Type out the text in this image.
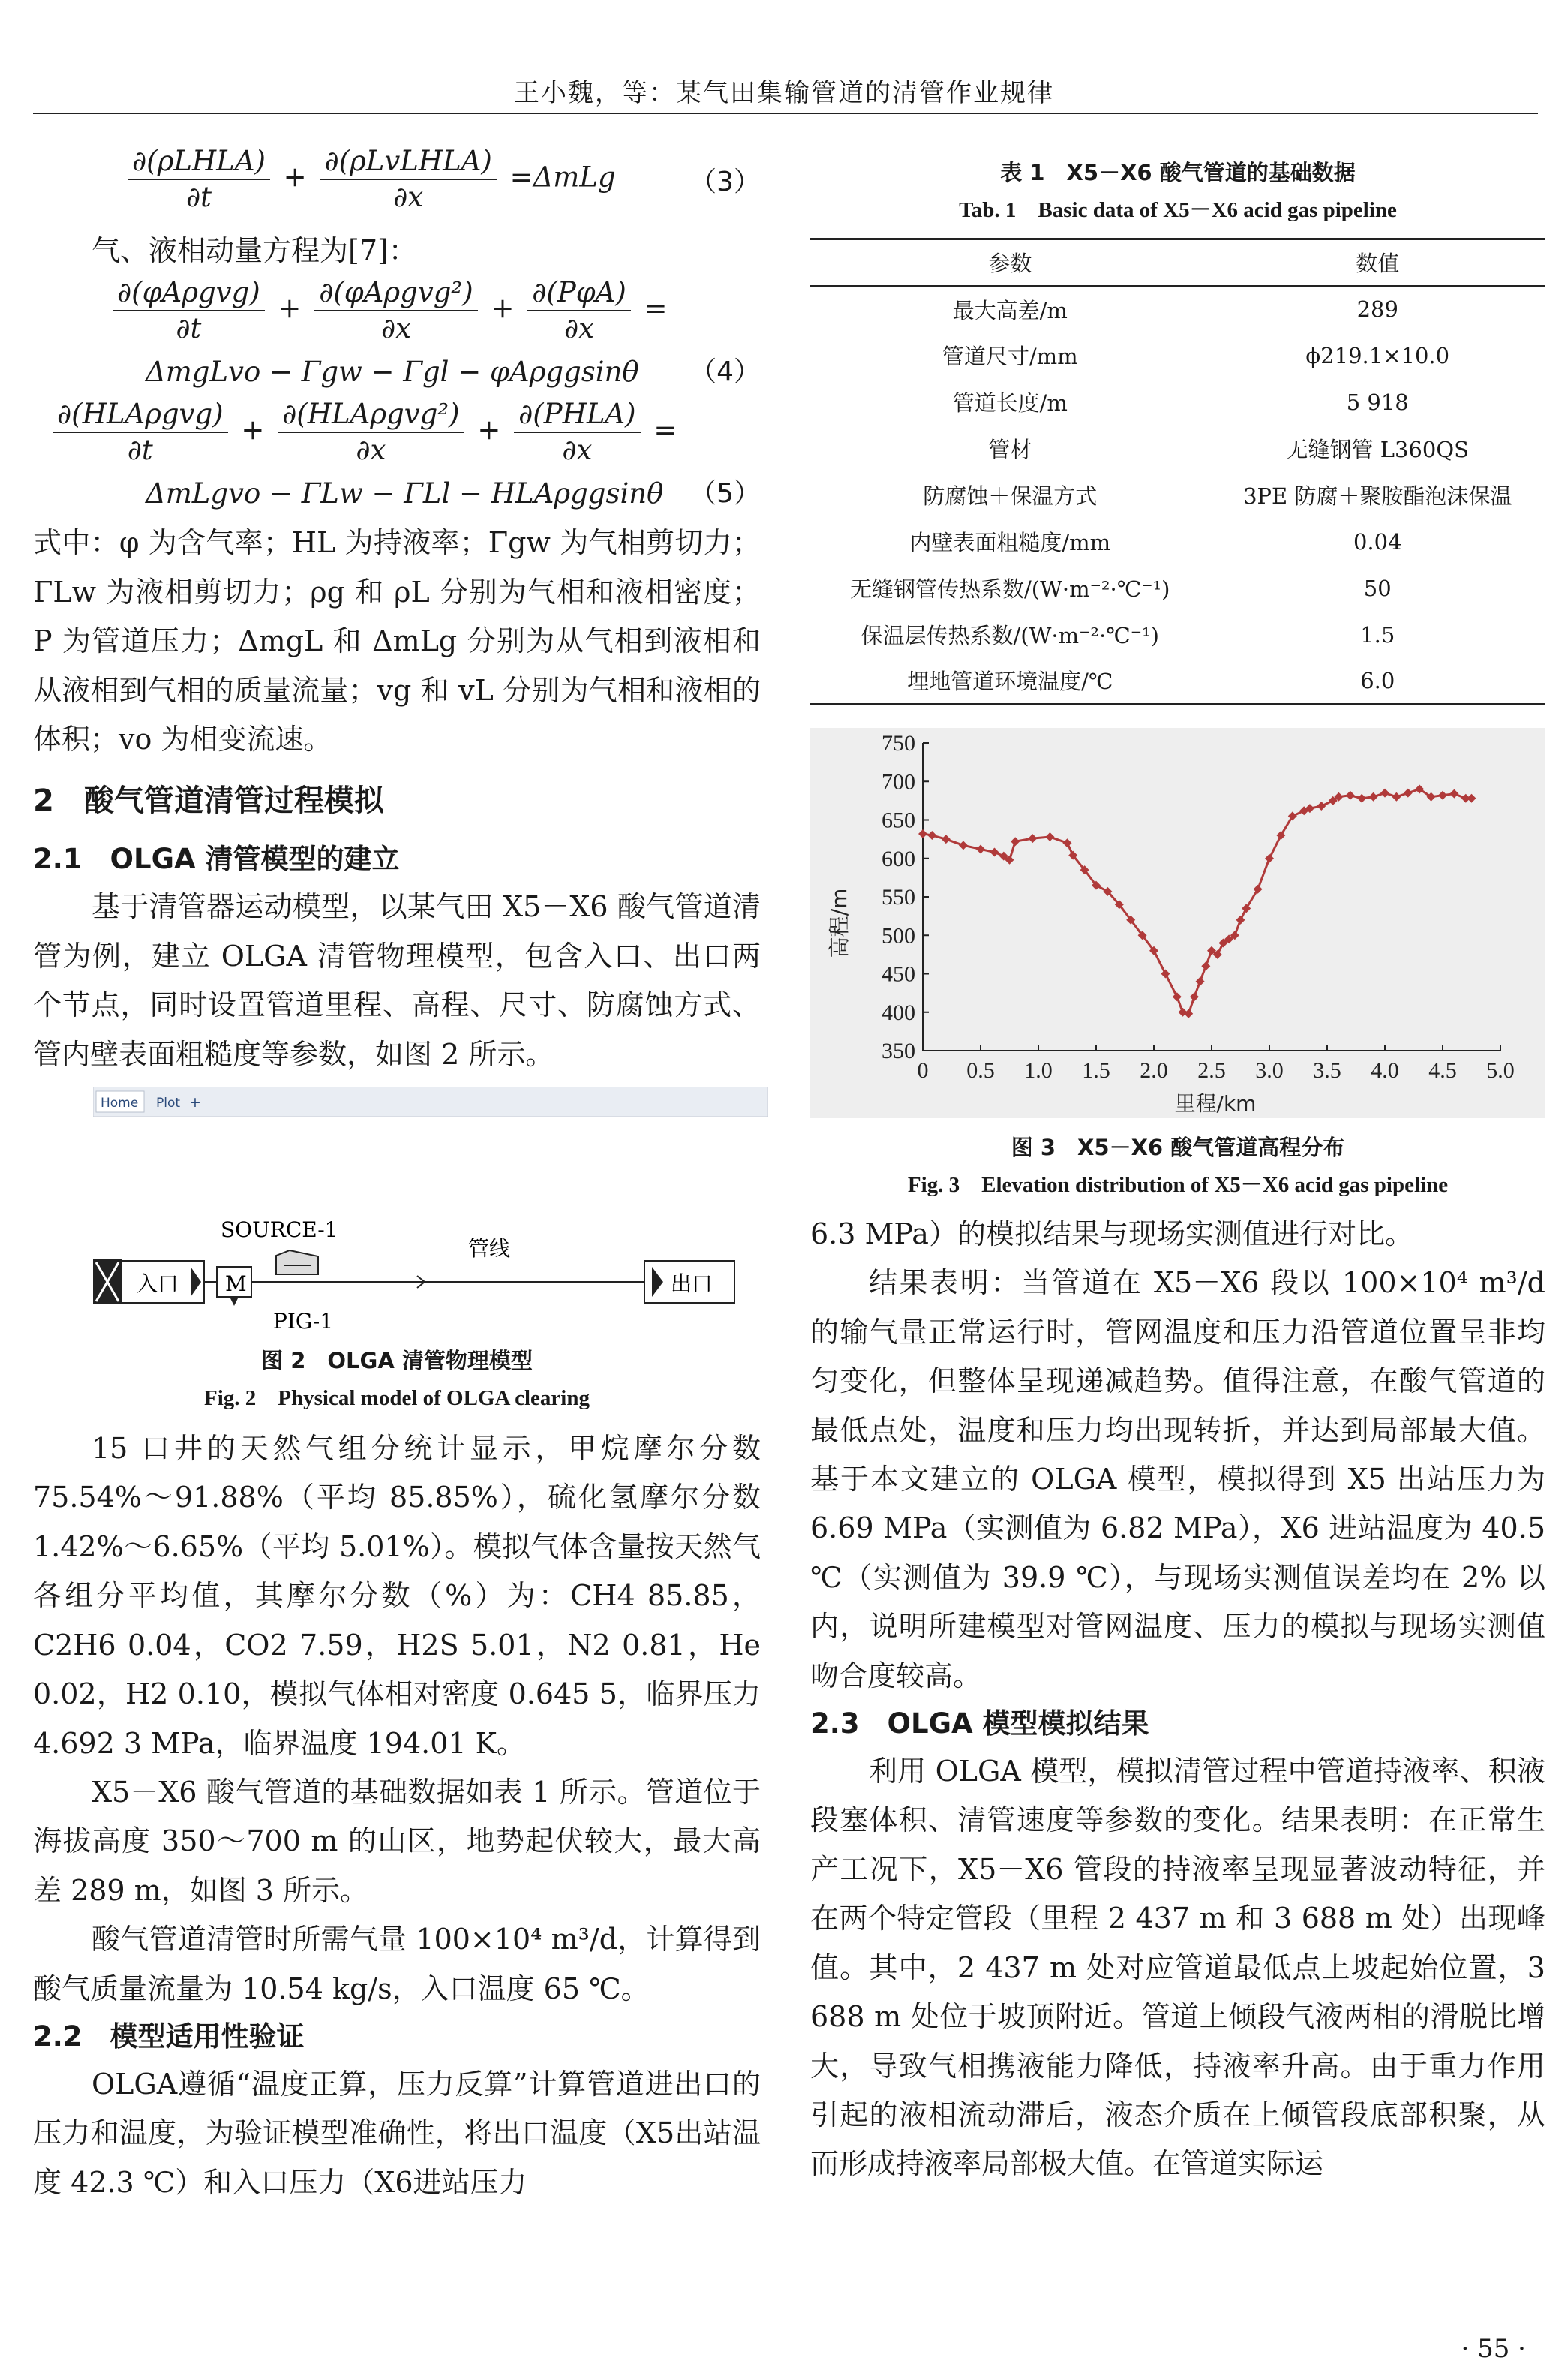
王小魏，等：某气田集输管道的清管作业规律
$\frac{\text{∂(ρLHLA)}}{\partial t} + \frac{\text{∂(ρLvLHLA)}}{\partial x} =\Delta mLg$	（3）

气、液相动量方程为[7]：

$\frac{\text{∂(φAρgvg)}}{\partial t} + \frac{\text{∂(φAρgvg²)}}{\partial x} + \frac{\text{∂(PφA)}}{\partial x}$ =
ΔmgLvo − Γgw − Γgl − φAρggsinθ （4）
$\frac{\text{∂(HLAρgvg)}}{\partial t} + \frac{\text{∂(HLAρgvg²)}}{\partial x} + \frac{\text{∂(PHLA)}}{\partial x}$ =
ΔmLgvo − ΓLw − ΓLl − HLAρggsinθ （5）

式中：φ 为含气率；HL 为持液率；Γgw 为气相剪切力；ΓLw 为液相剪切力；ρg 和 ρL 分别为气相和液相密度；P 为管道压力；ΔmgL 和 ΔmLg 分别为从气相到液相和从液相到气相的质量流量；vg 和 vL 分别为气相和液相的体积；vo 为相变流速。

2　酸气管道清管过程模拟
2.1　OLGA 清管模型的建立

基于清管器运动模型，以某气田 X5－X6 酸气管道清管为例，建立 OLGA 清管物理模型，包含入口、出口两个节点，同时设置管道里程、高程、尺寸、防腐蚀方式、管内壁表面粗糙度等参数，如图 2 所示。

Home Plot +
SOURCE-1
入口 M
PIG-1
管线
出口
图 2　OLGA 清管物理模型
Fig. 2　Physical model of OLGA clearing

15 口井的天然气组分统计显示，甲烷摩尔分数 75.54%～91.88%（平均 85.85%），硫化氢摩尔分数 1.42%～6.65%（平均 5.01%）。模拟气体含量按天然气各组分平均值，其摩尔分数（%）为：CH4 85.85，C2H6 0.04，CO2 7.59，H2S 5.01，N2 0.81，He 0.02，H2 0.10，模拟气体相对密度 0.645 5，临界压力 4.692 3 MPa，临界温度 194.01 K。

X5－X6 酸气管道的基础数据如表 1 所示。管道位于海拔高度 350～700 m 的山区，地势起伏较大，最大高差 289 m，如图 3 所示。

酸气管道清管时所需气量 100×10⁴ m³/d，计算得到酸气质量流量为 10.54 kg/s，入口温度 65 ℃。

2.2　模型适用性验证

OLGA遵循“温度正算，压力反算”计算管道进出口的压力和温度，为验证模型准确性，将出口温度（X5出站温度 42.3 ℃）和入口压力（X6进站压力

表 1　X5－X6 酸气管道的基础数据
Tab. 1　Basic data of X5－X6 acid gas pipeline
参数	数值
最大高差/m	289
管道尺寸/mm	ϕ219.1×10.0
管道长度/m	5 918
管材	无缝钢管 L360QS
防腐蚀＋保温方式	3PE 防腐＋聚胺酯泡沫保温
内壁表面粗糙度/mm	0.04
无缝钢管传热系数/(W·m⁻²·℃⁻¹)	50
保温层传热系数/(W·m⁻²·℃⁻¹)	1.5
埋地管道环境温度/℃	6.0
0 0.5 1.0 1.5 2.0 2.5 3.0 3.5 4.0 4.5 5.0
350
400
450
500
550
600
650
700
750
高程/m
里程/km
图 3　X5－X6 酸气管道高程分布
Fig. 3　Elevation distribution of X5－X6 acid gas pipeline

6.3 MPa）的模拟结果与现场实测值进行对比。

结果表明：当管道在 X5－X6 段以 100×10⁴ m³/d 的输气量正常运行时，管网温度和压力沿管道位置呈非均匀变化，但整体呈现递减趋势。值得注意，在酸气管道的最低点处，温度和压力均出现转折，并达到局部最大值。基于本文建立的 OLGA 模型，模拟得到 X5 出站压力为 6.69 MPa（实测值为 6.82 MPa），X6 进站温度为 40.5 ℃（实测值为 39.9 ℃），与现场实测值误差均在 2% 以内，说明所建模型对管网温度、压力的模拟与现场实测值吻合度较高。

2.3　OLGA 模型模拟结果

利用 OLGA 模型，模拟清管过程中管道持液率、积液段塞体积、清管速度等参数的变化。结果表明：在正常生产工况下，X5－X6 管段的持液率呈现显著波动特征，并在两个特定管段（里程 2 437 m 和 3 688 m 处）出现峰值。其中，2 437 m 处对应管道最低点上坡起始位置，3 688 m 处位于坡顶附近。管道上倾段气液两相的滑脱比增大，导致气相携液能力降低，持液率升高。由于重力作用引起的液相流动滞后，液态介质在上倾管段底部积聚，从而形成持液率局部极大值。在管道实际运

· 55 ·
